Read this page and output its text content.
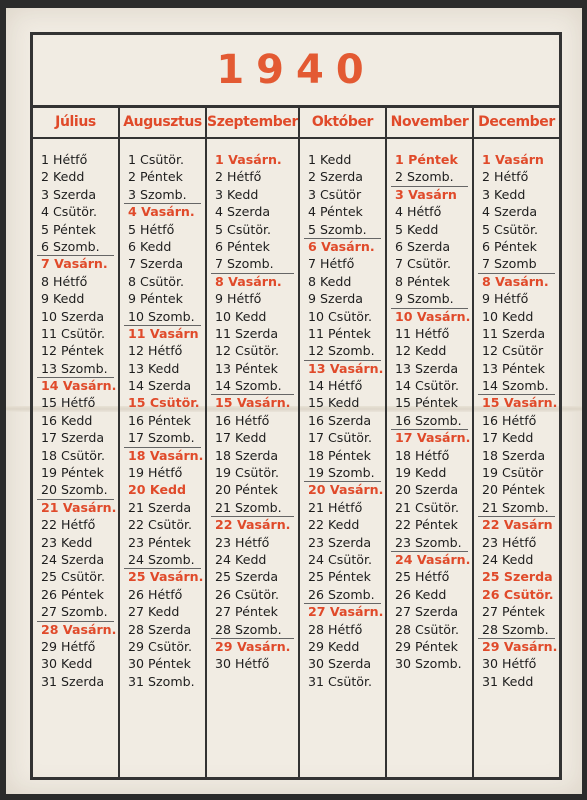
1940
Július
1 Hétfő
2 Kedd
3 Szerda
4 Csütör.
5 Péntek
6 Szomb.
7 Vasárn.
8 Hétfő
9 Kedd
10 Szerda
11 Csütör.
12 Péntek
13 Szomb.
14 Vasárn.
15 Hétfő
16 Kedd
17 Szerda
18 Csütör.
19 Péntek
20 Szomb.
21 Vasárn.
22 Hétfő
23 Kedd
24 Szerda
25 Csütör.
26 Péntek
27 Szomb.
28 Vasárn.
29 Hétfő
30 Kedd
31 Szerda
Augusztus
1 Csütör.
2 Péntek
3 Szomb.
4 Vasárn.
5 Hétfő
6 Kedd
7 Szerda
8 Csütör.
9 Péntek
10 Szomb.
11 Vasárn
12 Hétfő
13 Kedd
14 Szerda
15 Csütör.
16 Péntek
17 Szomb.
18 Vasárn.
19 Hétfő
20 Kedd
21 Szerda
22 Csütör.
23 Péntek
24 Szomb.
25 Vasárn.
26 Hétfő
27 Kedd
28 Szerda
29 Csütör.
30 Péntek
31 Szomb.
Szeptember
1 Vasárn.
2 Hétfő
3 Kedd
4 Szerda
5 Csütör.
6 Péntek
7 Szomb.
8 Vasárn.
9 Hétfő
10 Kedd
11 Szerda
12 Csütör.
13 Péntek
14 Szomb.
15 Vasárn.
16 Hétfő
17 Kedd
18 Szerda
19 Csütör.
20 Péntek
21 Szomb.
22 Vasárn.
23 Hétfő
24 Kedd
25 Szerda
26 Csütör.
27 Péntek
28 Szomb.
29 Vasárn.
30 Hétfő
Október
1 Kedd
2 Szerda
3 Csütör
4 Péntek
5 Szomb.
6 Vasárn.
7 Hétfő
8 Kedd
9 Szerda
10 Csütör.
11 Péntek
12 Szomb.
13 Vasárn.
14 Hétfő
15 Kedd
16 Szerda
17 Csütör.
18 Péntek
19 Szomb.
20 Vasárn.
21 Hétfő
22 Kedd
23 Szerda
24 Csütör.
25 Péntek
26 Szomb.
27 Vasárn.
28 Hétfő
29 Kedd
30 Szerda
31 Csütör.
November
1 Péntek
2 Szomb.
3 Vasárn
4 Hétfő
5 Kedd
6 Szerda
7 Csütör.
8 Péntek
9 Szomb.
10 Vasárn.
11 Hétfő
12 Kedd
13 Szerda
14 Csütör.
15 Péntek
16 Szomb.
17 Vasárn.
18 Hétfő
19 Kedd
20 Szerda
21 Csütör.
22 Péntek
23 Szomb.
24 Vasárn.
25 Hétfő
26 Kedd
27 Szerda
28 Csütör.
29 Péntek
30 Szomb.
December
1 Vasárn
2 Hétfő
3 Kedd
4 Szerda
5 Csütör.
6 Péntek
7 Szomb
8 Vasárn.
9 Hétfő
10 Kedd
11 Szerda
12 Csütör
13 Péntek
14 Szomb.
15 Vasárn.
16 Hétfő
17 Kedd
18 Szerda
19 Csütör
20 Péntek
21 Szomb.
22 Vasárn
23 Hétfő
24 Kedd
25 Szerda
26 Csütör.
27 Péntek
28 Szomb.
29 Vasárn.
30 Hétfő
31 Kedd
